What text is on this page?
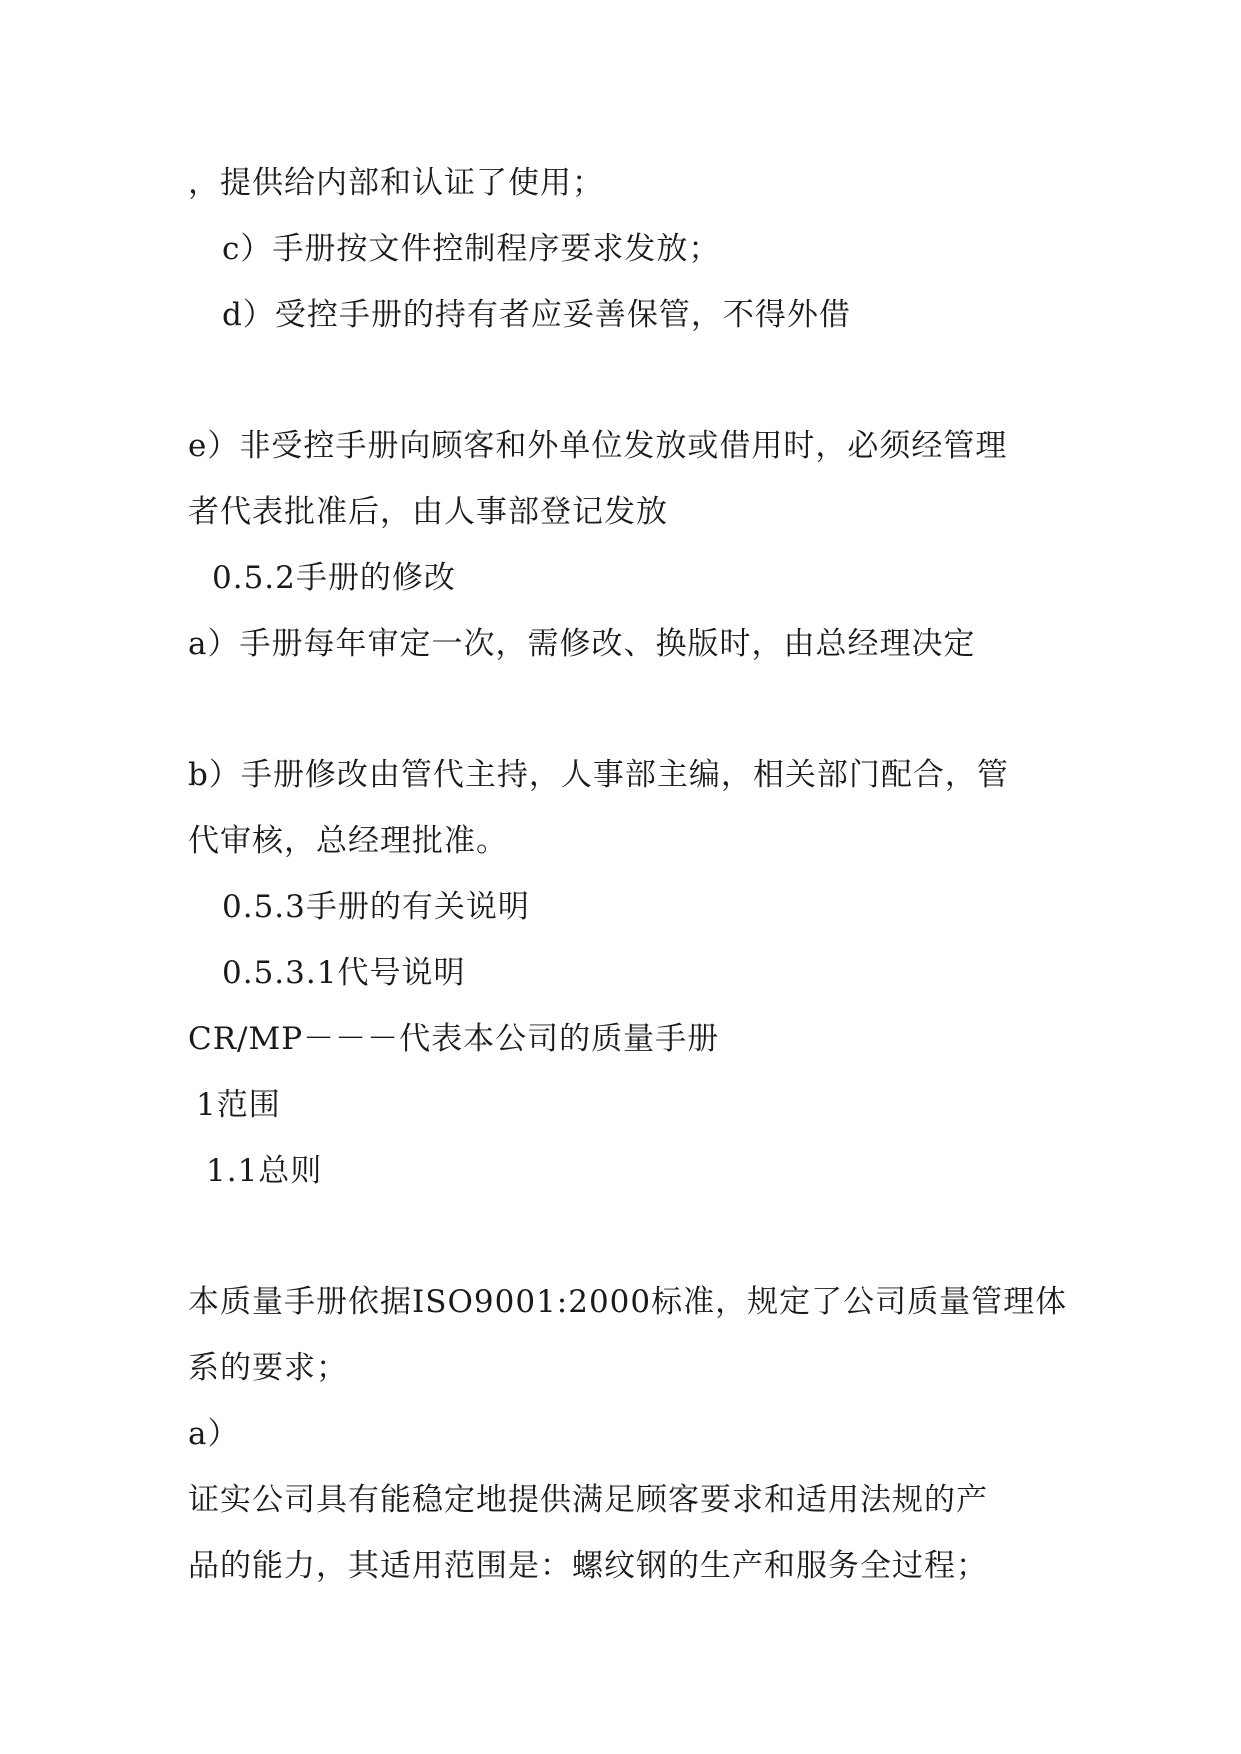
，提供给内部和认证了使用；
c）手册按文件控制程序要求发放；
d）受控手册的持有者应妥善保管，不得外借
e）非受控手册向顾客和外单位发放或借用时，必须经管理
者代表批准后，由人事部登记发放
0.5.2手册的修改
a）手册每年审定一次，需修改、换版时，由总经理决定
b）手册修改由管代主持，人事部主编，相关部门配合，管
代审核，总经理批准。
0.5.3手册的有关说明
0.5.3.1代号说明
CR/MP－－－代表本公司的质量手册
1范围
1.1总则
本质量手册依据ISO9001:2000标准，规定了公司质量管理体
系的要求；
a）
证实公司具有能稳定地提供满足顾客要求和适用法规的产
品的能力，其适用范围是：螺纹钢的生产和服务全过程；
